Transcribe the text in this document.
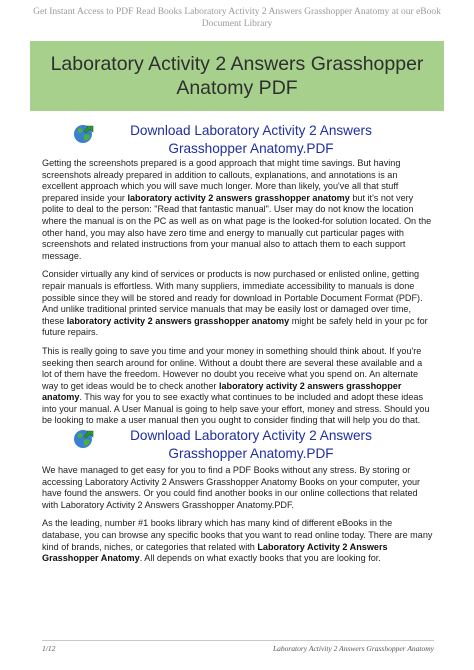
Get Instant Access to PDF Read Books Laboratory Activity 2 Answers Grasshopper Anatomy at our eBook Document Library
Laboratory Activity 2 Answers Grasshopper Anatomy PDF
Download Laboratory Activity 2 Answers Grasshopper Anatomy.PDF

Getting the screenshots prepared is a good approach that might time savings. But having screenshots already prepared in addition to callouts, explanations, and annotations is an excellent approach which you will save much longer. More than likely, you've all that stuff prepared inside your laboratory activity 2 answers grasshopper anatomy but it's not very polite to deal to the person: "Read that fantastic manual". User may do not know the location where the manual is on the PC as well as on what page is the looked-for solution located. On the other hand, you may also have zero time and energy to manually cut particular pages with screenshots and related instructions from your manual also to attach them to each support message.

Consider virtually any kind of services or products is now purchased or enlisted online, getting repair manuals is effortless. With many suppliers, immediate accessibility to manuals is done possible since they will be stored and ready for download in Portable Document Format (PDF). And unlike traditional printed service manuals that may be easily lost or damaged over time, these laboratory activity 2 answers grasshopper anatomy might be safely held in your pc for future repairs.

This is really going to save you time and your money in something should think about. If you're seeking then search around for online. Without a doubt there are several these available and a lot of them have the freedom. However no doubt you receive what you spend on. An alternate way to get ideas would be to check another laboratory activity 2 answers grasshopper anatomy. This way for you to see exactly what continues to be included and adopt these ideas into your manual. A User Manual is going to help save your effort, money and stress. Should you be looking to make a user manual then you ought to consider finding that will help you do that.

Download Laboratory Activity 2 Answers Grasshopper Anatomy.PDF

We have managed to get easy for you to find a PDF Books without any stress. By storing or accessing Laboratory Activity 2 Answers Grasshopper Anatomy Books on your computer, your have found the answers. Or you could find another books in our online collections that related with Laboratory Activity 2 Answers Grasshopper Anatomy.PDF.

As the leading, number #1 books library which has many kind of different eBooks in the database, you can browse any specific books that you want to read online today. There are many kind of brands, niches, or categories that related with Laboratory Activity 2 Answers Grasshopper Anatomy. All depends on what exactly books that you are looking for.

1/12	Laboratory Activity 2 Answers Grasshopper Anatomy
